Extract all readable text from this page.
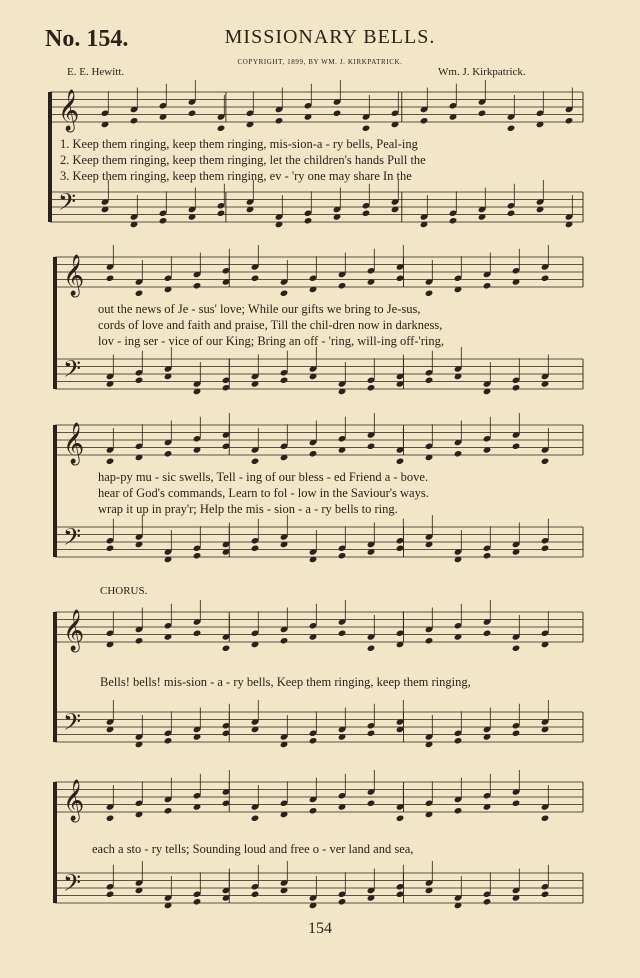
No. 154.	MISSIONARY BELLS.
COPYRIGHT, 1899, BY WM. J. KIRKPATRICK.
E. E. Hewitt.	Wm. J. Kirkpatrick.
𝄞
𝄢
𝄞
𝄢
𝄞
𝄢
𝄞
𝄢
𝄞
𝄢
1. Keep them ringing, keep them ringing, mis-sion-a - ry bells, Peal-ing
2. Keep them ringing, keep them ringing, let the children's hands Pull the
3. Keep them ringing, keep them ringing, ev - 'ry one may share In the
out the news of Je - sus' love; While our gifts we bring to Je-sus,
cords of love and faith and praise, Till the chil-dren now in darkness,
lov - ing ser - vice of our King; Bring an off - 'ring, will-ing off-'ring,
hap-py mu - sic swells, Tell - ing of our bless - ed Friend a - bove.
hear of God's commands, Learn to fol - low in the Saviour's ways.
wrap it up in pray'r; Help the mis - sion - a - ry bells to ring.
CHORUS.
Bells! bells! mis-sion - a - ry bells, Keep them ringing, keep them ringing,
each a sto - ry tells; Sounding loud and free o - ver land and sea,
154
